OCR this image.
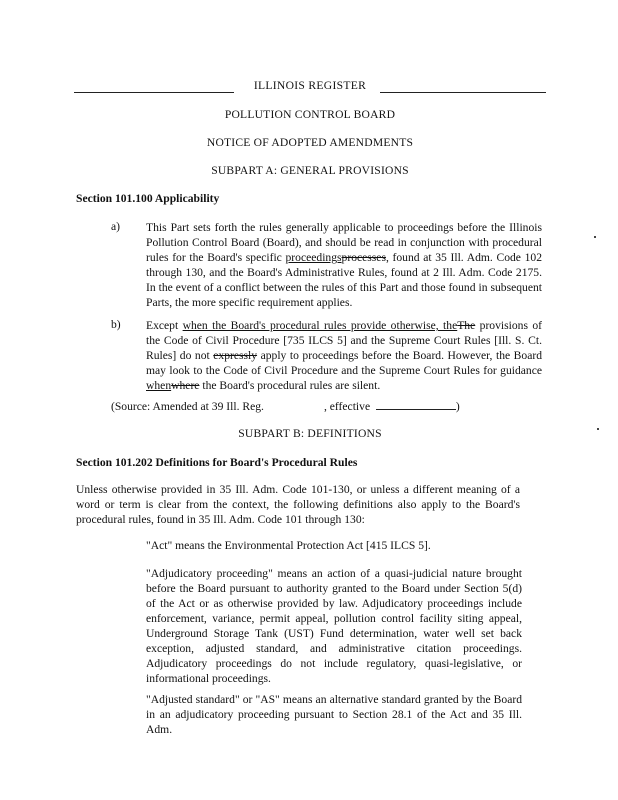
ILLINOIS REGISTER
POLLUTION CONTROL BOARD
NOTICE OF ADOPTED AMENDMENTS
SUBPART A: GENERAL PROVISIONS
Section 101.100 Applicability
a) This Part sets forth the rules generally applicable to proceedings before the Illinois Pollution Control Board (Board), and should be read in conjunction with procedural rules for the Board's specific proceedingsprocesses, found at 35 Ill. Adm. Code 102 through 130, and the Board's Administrative Rules, found at 2 Ill. Adm. Code 2175. In the event of a conflict between the rules of this Part and those found in subsequent Parts, the more specific requirement applies.
b) Except when the Board's procedural rules provide otherwise, theThe provisions of the Code of Civil Procedure [735 ILCS 5] and the Supreme Court Rules [Ill. S. Ct. Rules] do not expressly apply to proceedings before the Board. However, the Board may look to the Code of Civil Procedure and the Supreme Court Rules for guidance whenwhere the Board's procedural rules are silent.
(Source: Amended at 39 Ill. Reg.	, effective	)
SUBPART B: DEFINITIONS
Section 101.202 Definitions for Board's Procedural Rules
Unless otherwise provided in 35 Ill. Adm. Code 101-130, or unless a different meaning of a word or term is clear from the context, the following definitions also apply to the Board's procedural rules, found in 35 Ill. Adm. Code 101 through 130:
"Act" means the Environmental Protection Act [415 ILCS 5].
"Adjudicatory proceeding" means an action of a quasi-judicial nature brought before the Board pursuant to authority granted to the Board under Section 5(d) of the Act or as otherwise provided by law. Adjudicatory proceedings include enforcement, variance, permit appeal, pollution control facility siting appeal, Underground Storage Tank (UST) Fund determination, water well set back exception, adjusted standard, and administrative citation proceedings. Adjudicatory proceedings do not include regulatory, quasi-legislative, or informational proceedings.
"Adjusted standard" or "AS" means an alternative standard granted by the Board in an adjudicatory proceeding pursuant to Section 28.1 of the Act and 35 Ill. Adm.
